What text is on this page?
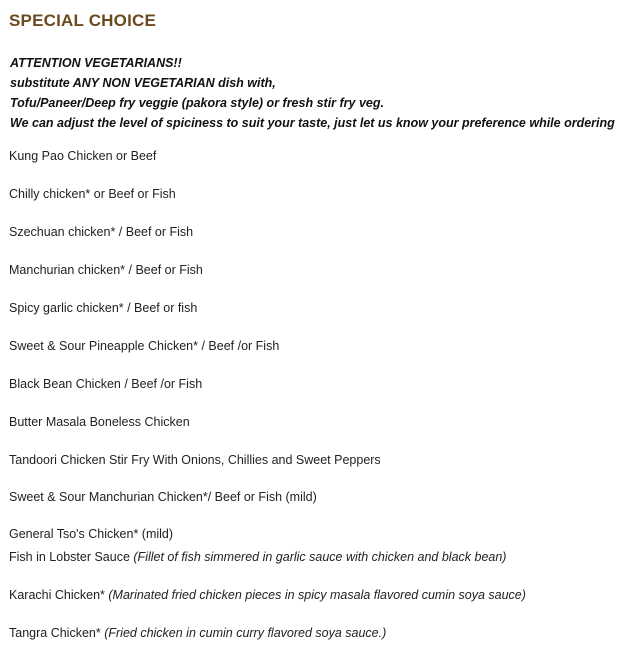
SPECIAL CHOICE
ATTENTION VEGETARIANS!!
substitute ANY NON VEGETARIAN dish with,
Tofu/Paneer/Deep fry veggie (pakora style) or fresh stir fry veg.
We can adjust the level of spiciness to suit your taste, just let us know your preference while ordering
Kung Pao Chicken or Beef
Chilly chicken* or Beef or Fish
Szechuan chicken* / Beef or Fish
Manchurian chicken* / Beef or Fish
Spicy garlic chicken* / Beef or fish
Sweet & Sour Pineapple Chicken* / Beef /or Fish
Black Bean Chicken / Beef /or Fish
Butter Masala Boneless Chicken
Tandoori Chicken Stir Fry With Onions, Chillies and Sweet Peppers
Sweet & Sour Manchurian Chicken*/ Beef or Fish (mild)
General Tso's Chicken* (mild)
Fish in Lobster Sauce (Fillet of fish simmered in garlic sauce with chicken and black bean)
Karachi Chicken* (Marinated fried chicken pieces in spicy masala flavored cumin soya sauce)
Tangra Chicken* (Fried chicken in cumin curry flavored soya sauce.)
